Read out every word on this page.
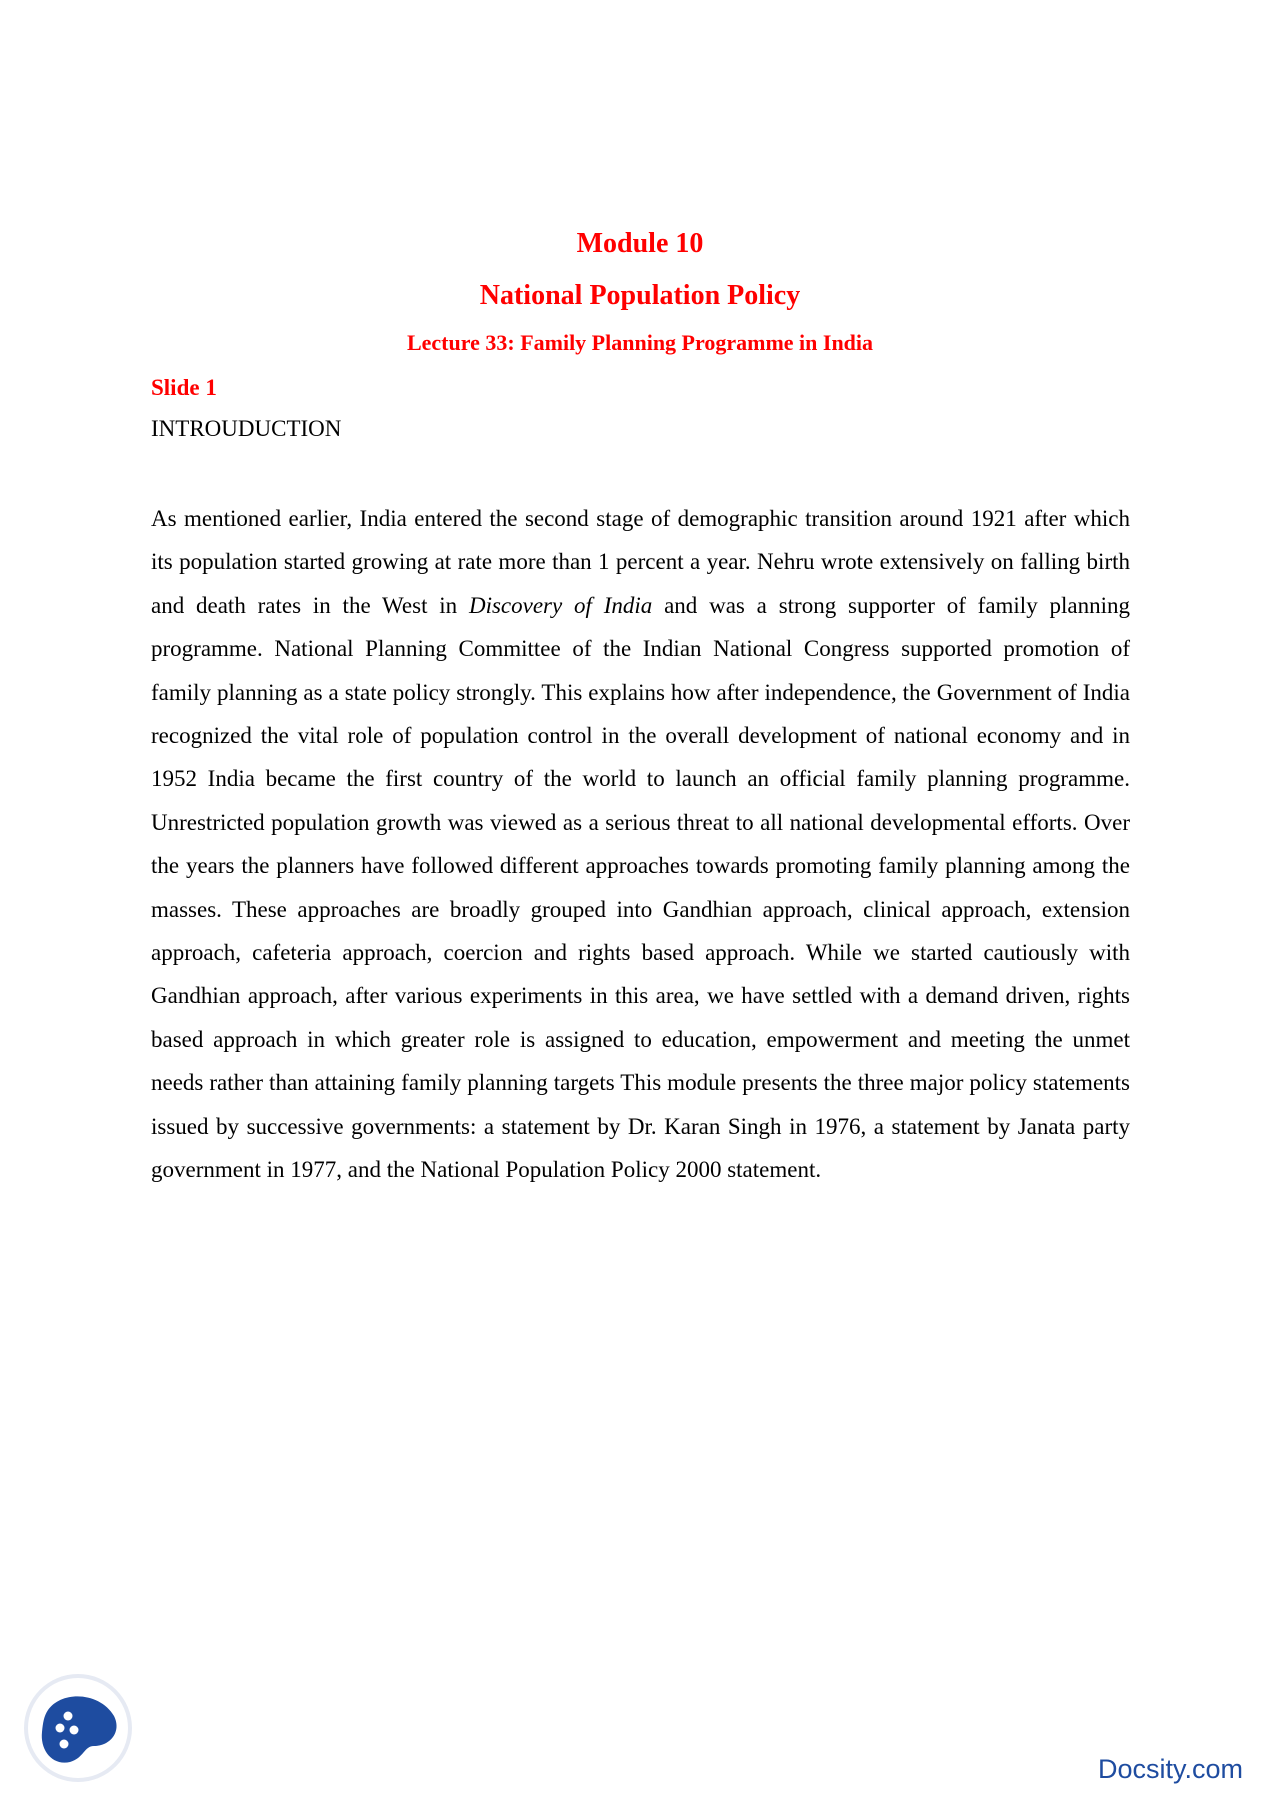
Module 10
National Population Policy
Lecture 33: Family Planning Programme in India
Slide 1
INTROUDUCTION

As mentioned earlier, India entered the second stage of demographic transition around 1921 after which its population started growing at rate more than 1 percent a year. Nehru wrote extensively on falling birth and death rates in the West in Discovery of India and was a strong supporter of family planning programme. National Planning Committee of the Indian National Congress supported promotion of family planning as a state policy strongly. This explains how after independence, the Government of India recognized the vital role of population control in the overall development of national economy and in 1952 India became the first country of the world to launch an official family planning programme. Unrestricted population growth was viewed as a serious threat to all national developmental efforts. Over the years the planners have followed different approaches towards promoting family planning among the masses. These approaches are broadly grouped into Gandhian approach, clinical approach, extension approach, cafeteria approach, coercion and rights based approach. While we started cautiously with Gandhian approach, after various experiments in this area, we have settled with a demand driven, rights based approach in which greater role is assigned to education, empowerment and meeting the unmet needs rather than attaining family planning targets This module presents the three major policy statements issued by successive governments: a statement by Dr. Karan Singh in 1976, a statement by Janata party government in 1977, and the National Population Policy 2000 statement.

Docsity.com
